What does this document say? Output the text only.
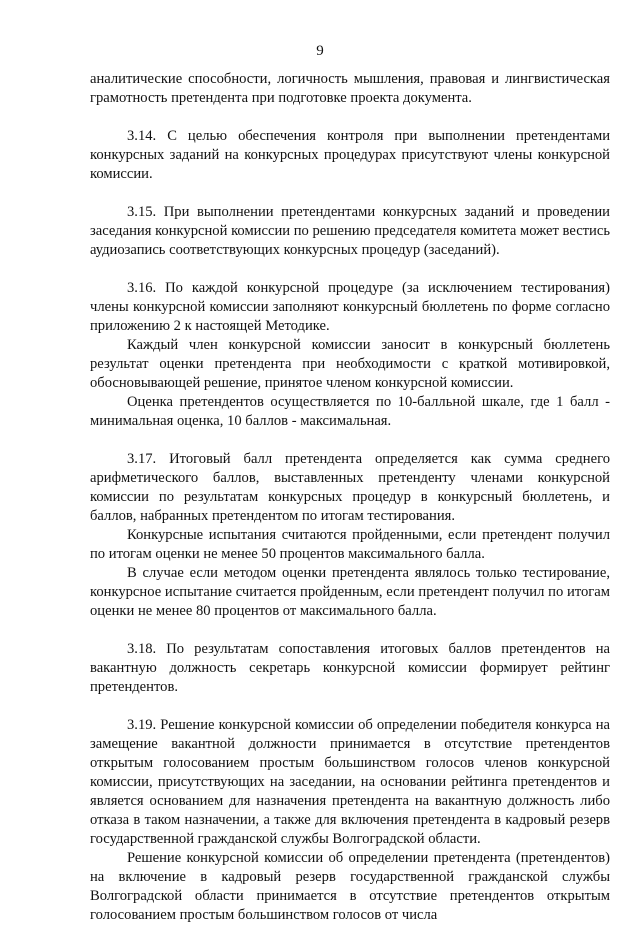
9

аналитические способности, логичность мышления, правовая и лингвистическая грамотность претендента при подготовке проекта документа.

3.14. С целью обеспечения контроля при выполнении претендентами конкурсных заданий на конкурсных процедурах присутствуют члены конкурсной комиссии.

3.15. При выполнении претендентами конкурсных заданий и проведении заседания конкурсной комиссии по решению председателя комитета может вестись аудиозапись соответствующих конкурсных процедур (заседаний).

3.16. По каждой конкурсной процедуре (за исключением тестирования) члены конкурсной комиссии заполняют конкурсный бюллетень по форме согласно приложению 2 к настоящей Методике.

Каждый член конкурсной комиссии заносит в конкурсный бюллетень результат оценки претендента при необходимости с краткой мотивировкой, обосновывающей решение, принятое членом конкурсной комиссии.

Оценка претендентов осуществляется по 10-балльной шкале, где 1 балл - минимальная оценка, 10 баллов - максимальная.

3.17. Итоговый балл претендента определяется как сумма среднего арифметического баллов, выставленных претенденту членами конкурсной комиссии по результатам конкурсных процедур в конкурсный бюллетень, и баллов, набранных претендентом по итогам тестирования.

Конкурсные испытания считаются пройденными, если претендент получил по итогам оценки не менее 50 процентов максимального балла.

В случае если методом оценки претендента являлось только тестирование, конкурсное испытание считается пройденным, если претендент получил по итогам оценки не менее 80 процентов от максимального балла.

3.18. По результатам сопоставления итоговых баллов претендентов на вакантную должность секретарь конкурсной комиссии формирует рейтинг претендентов.

3.19. Решение конкурсной комиссии об определении победителя конкурса на замещение вакантной должности принимается в отсутствие претендентов открытым голосованием простым большинством голосов членов конкурсной комиссии, присутствующих на заседании, на основании рейтинга претендентов и является основанием для назначения претендента на вакантную должность либо отказа в таком назначении, а также для включения претендента в кадровый резерв государственной гражданской службы Волгоградской области.

Решение конкурсной комиссии об определении претендента (претендентов) на включение в кадровый резерв государственной гражданской службы Волгоградской области принимается в отсутствие претендентов открытым голосованием простым большинством голосов от числа
